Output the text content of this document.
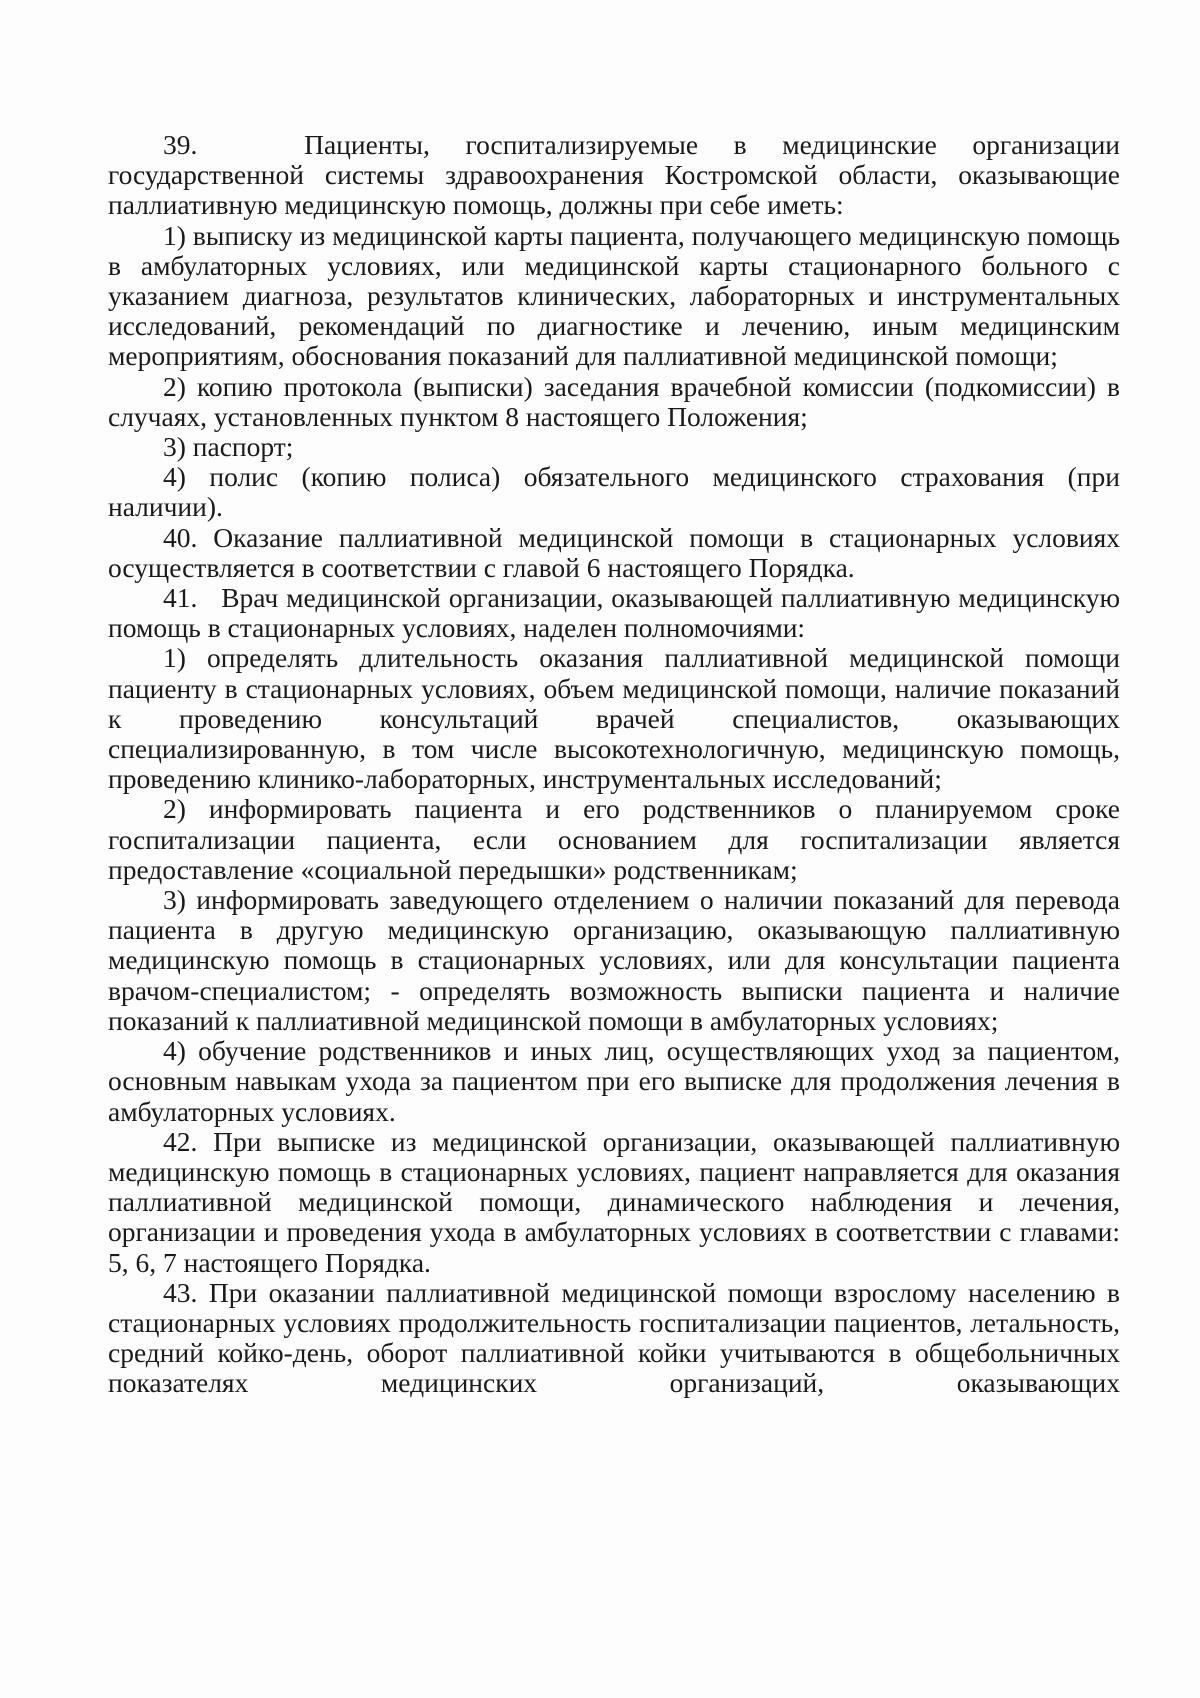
39.   Пациенты, госпитализируемые в медицинские организации государственной системы здравоохранения Костромской области, оказывающие паллиативную медицинскую помощь, должны при себе иметь:

1) выписку из медицинской карты пациента, получающего медицинскую помощь в амбулаторных условиях, или медицинской карты стационарного больного с указанием диагноза, результатов клинических, лабораторных и инструментальных исследований, рекомендаций по диагностике и лечению, иным медицинским мероприятиям, обоснования показаний для паллиативной медицинской помощи;

2) копию протокола (выписки) заседания врачебной комиссии (подкомиссии) в случаях, установленных пунктом 8 настоящего Положения;

3) паспорт;

4) полис (копию полиса) обязательного медицинского страхования (при наличии).

40. Оказание паллиативной медицинской помощи в стационарных условиях осуществляется в соответствии с главой 6 настоящего Порядка.

41.   Врач медицинской организации, оказывающей паллиативную медицинскую помощь в стационарных условиях, наделен полномочиями:

1) определять длительность оказания паллиативной медицинской помощи пациенту в стационарных условиях, объем медицинской помощи, наличие показаний к проведению консультаций врачей специалистов, оказывающих специализированную, в том числе высокотехнологичную, медицинскую помощь, проведению клинико-лабораторных, инструментальных исследований;

2) информировать пациента и его родственников о планируемом сроке госпитализации пациента, если основанием для госпитализации является предоставление «социальной передышки» родственникам;

3) информировать заведующего отделением о наличии показаний для перевода пациента в другую медицинскую организацию, оказывающую паллиативную медицинскую помощь в стационарных условиях, или для консультации пациента врачом-специалистом; - определять возможность выписки пациента и наличие показаний к паллиативной медицинской помощи в амбулаторных условиях;

4) обучение родственников и иных лиц, осуществляющих уход за пациентом, основным навыкам ухода за пациентом при его выписке для продолжения лечения в амбулаторных условиях.

42. При выписке из медицинской организации, оказывающей паллиативную медицинскую помощь в стационарных условиях, пациент направляется для оказания паллиативной медицинской помощи, динамического наблюдения и лечения, организации и проведения ухода в амбулаторных условиях в соответствии с главами: 5, 6, 7 настоящего Порядка.

43. При оказании паллиативной медицинской помощи взрослому населению в стационарных условиях продолжительность госпитализации пациентов, летальность, средний койко-день, оборот паллиативной койки учитываются в общебольничных показателях медицинских организаций, оказывающих
